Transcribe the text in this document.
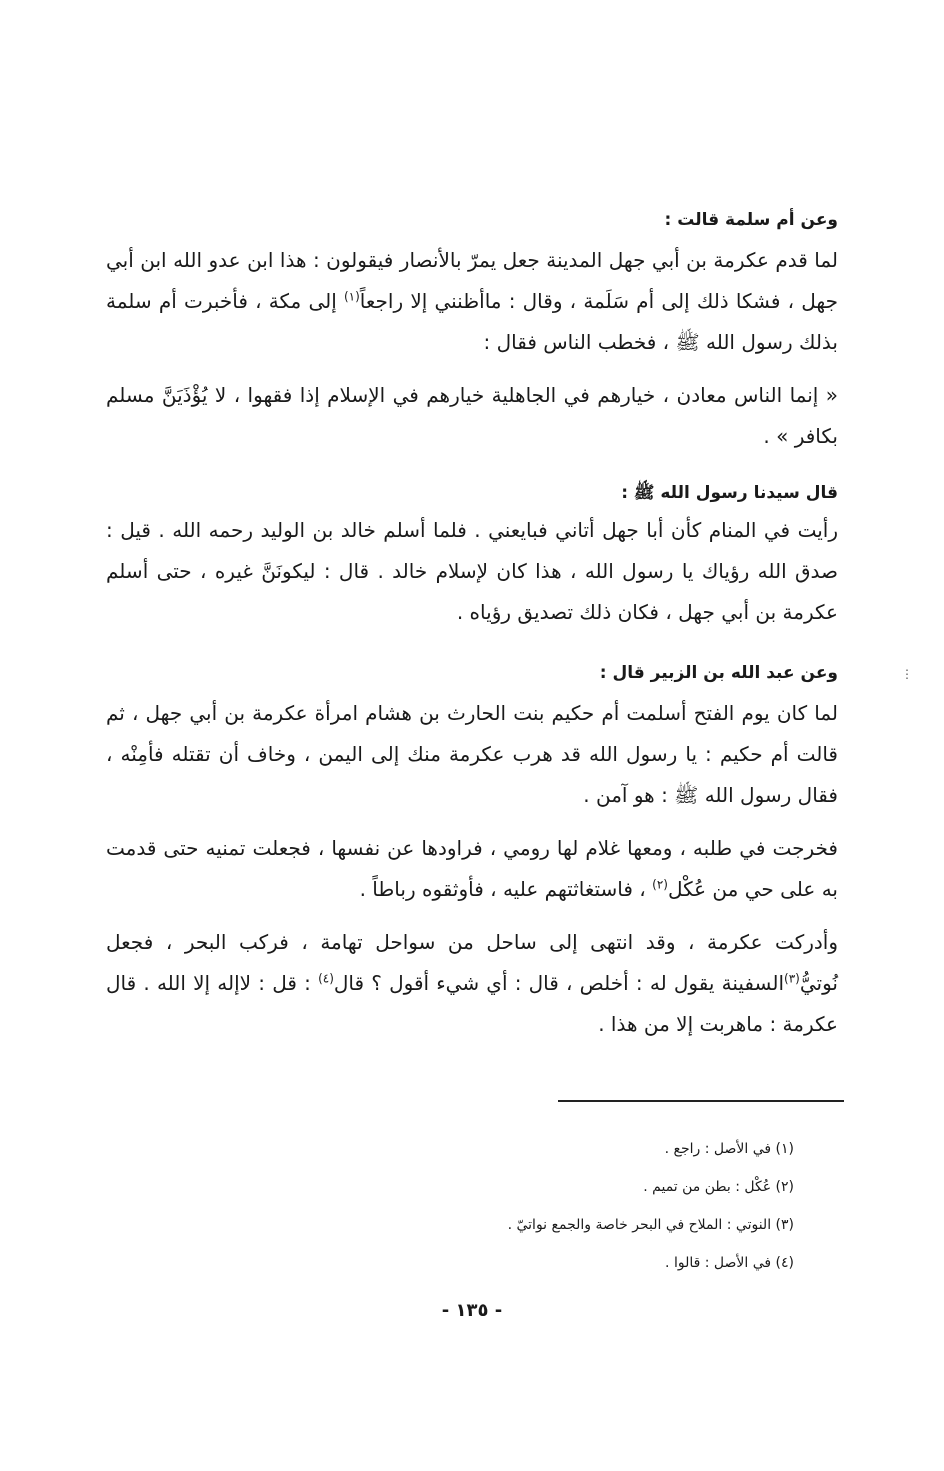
وعن أم سلمة قالت :

لما قدم عكرمة بن أبي جهل المدينة جعل يمرّ بالأنصار فيقولون : هذا ابن عدو الله ابن أبي جهل ، فشكا ذلك إلى أم سَلَمة ، وقال : ماأظنني إلا راجعاً$^{(١)}$ إلى مكة ، فأخبرت أم سلمة بذلك رسول الله ﷺ ، فخطب الناس فقال :

« إنما الناس معادن ، خيارهم في الجاهلية خيارهم في الإسلام إذا فقهوا ، لا يُؤْذَيَنَّ مسلم بكافر » .

قال سيدنا رسول الله ﷺ :

رأيت في المنام كأن أبا جهل أتاني فبايعني . فلما أسلم خالد بن الوليد رحمه الله . قيل : صدق الله رؤياك يا رسول الله ، هذا كان لإسلام خالد . قال : ليكونَنَّ غيره ، حتى أسلم عكرمة بن أبي جهل ، فكان ذلك تصديق رؤياه .

وعن عبد الله بن الزبير قال :

لما كان يوم الفتح أسلمت أم حكيم بنت الحارث بن هشام امرأة عكرمة بن أبي جهل ، ثم قالت أم حكيم : يا رسول الله قد هرب عكرمة منك إلى اليمن ، وخاف أن تقتله فأمِنْه ، فقال رسول الله ﷺ : هو آمن .

فخرجت في طلبه ، ومعها غلام لها رومي ، فراودها عن نفسها ، فجعلت تمنيه حتى قدمت به على حي من عُكْل$^{(٢)}$ ، فاستغاثتهم عليه ، فأوثقوه رباطاً .

وأدركت عكرمة ، وقد انتهى إلى ساحل من سواحل تهامة ، فركب البحر ، فجعل نُوتيُّ$^{(٣)}$السفينة يقول له : أخلص ، قال : أي شيء أقول ؟ قال$^{(٤)}$ : قل : لاإله إلا الله . قال عكرمة : ماهربت إلا من هذا .

(١) في الأصل : راجع .
(٢) عُكْل : بطن من تميم .
(٣) النوتي : الملاح في البحر خاصة والجمع نواتيّ .
(٤) في الأصل : قالوا .
- ١٣٥ -
⋮
